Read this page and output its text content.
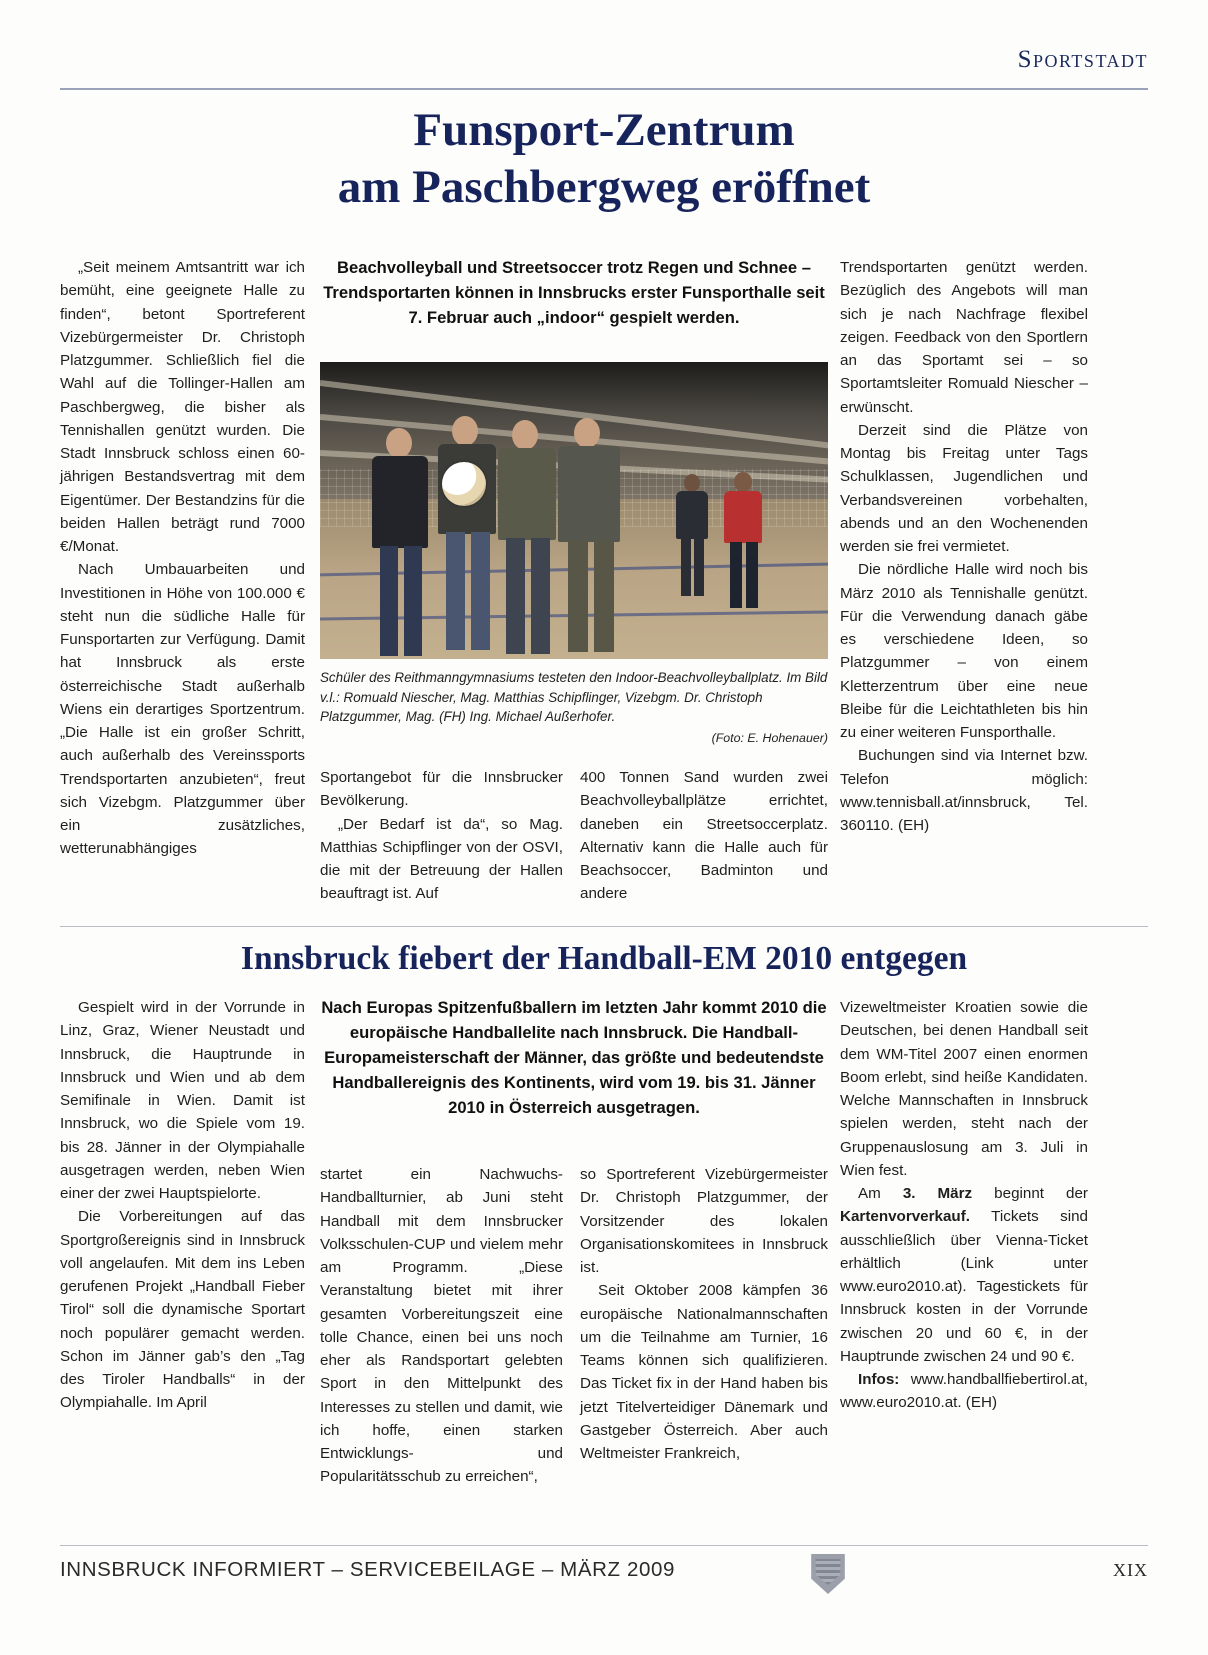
Sportstadt
Funsport-Zentrum
am Paschbergweg eröffnet

„Seit meinem Amtsantritt war ich bemüht, eine geeignete Halle zu finden“, betont Sportreferent Vizebürgermeister Dr. Christoph Platzgummer. Schließlich fiel die Wahl auf die Tollinger-Hallen am Paschbergweg, die bisher als Tennishallen genützt wurden. Die Stadt Innsbruck schloss einen 60-jährigen Bestandsvertrag mit dem Eigentümer. Der Bestandzins für die beiden Hallen beträgt rund 7000 €/Monat.

Nach Umbauarbeiten und Investitionen in Höhe von 100.000 € steht nun die südliche Halle für Funsportarten zur Verfügung. Damit hat Innsbruck als erste österreichische Stadt außerhalb Wiens ein derartiges Sportzentrum. „Die Halle ist ein großer Schritt, auch außerhalb des Vereinssports Trendsportarten anzubieten“, freut sich Vizebgm. Platzgummer über ein zusätzliches, wetterunabhängiges

Beachvolleyball und Streetsoccer trotz Regen und Schnee – Trendsportarten können in Innsbrucks erster Funsporthalle seit 7. Februar auch „indoor“ gespielt werden.

Schüler des Reithmanngymnasiums testeten den Indoor-Beachvolleyballplatz. Im Bild v.l.: Romuald Niescher, Mag. Matthias Schipflinger, Vizebgm. Dr. Christoph Platzgummer, Mag. (FH) Ing. Michael Außerhofer.
(Foto: E. Hohenauer)

Sportangebot für die Innsbrucker Bevölkerung.

„Der Bedarf ist da“, so Mag. Matthias Schipflinger von der OSVI, die mit der Betreuung der Hallen beauftragt ist. Auf

400 Tonnen Sand wurden zwei Beachvolleyballplätze errichtet, daneben ein Streetsoccerplatz. Alternativ kann die Halle auch für Beachsoccer, Badminton und andere

Trendsportarten genützt werden. Bezüglich des Angebots will man sich je nach Nachfrage flexibel zeigen. Feedback von den Sportlern an das Sportamt sei – so Sportamtsleiter Romuald Niescher – erwünscht.

Derzeit sind die Plätze von Montag bis Freitag unter Tags Schulklassen, Jugendlichen und Verbandsvereinen vorbehalten, abends und an den Wochenenden werden sie frei vermietet.

Die nördliche Halle wird noch bis März 2010 als Tennishalle genützt. Für die Verwendung danach gäbe es verschiedene Ideen, so Platzgummer – von einem Kletterzentrum über eine neue Bleibe für die Leichtathleten bis hin zu einer weiteren Funsporthalle.

Buchungen sind via Internet bzw. Telefon möglich: www.tennisball.at/innsbruck, Tel. 360110. (EH)

Innsbruck fiebert der Handball-EM 2010 entgegen

Gespielt wird in der Vorrunde in Linz, Graz, Wiener Neustadt und Innsbruck, die Hauptrunde in Innsbruck und Wien und ab dem Semifinale in Wien. Damit ist Innsbruck, wo die Spiele vom 19. bis 28. Jänner in der Olympiahalle ausgetragen werden, neben Wien einer der zwei Hauptspielorte.

Die Vorbereitungen auf das Sportgroßereignis sind in Innsbruck voll angelaufen. Mit dem ins Leben gerufenen Projekt „Handball Fieber Tirol“ soll die dynamische Sportart noch populärer gemacht werden. Schon im Jänner gab’s den „Tag des Tiroler Handballs“ in der Olympiahalle. Im April

Nach Europas Spitzenfußballern im letzten Jahr kommt 2010 die europäische Handballelite nach Innsbruck. Die Handball-Europameisterschaft der Männer, das größte und bedeutendste Handballereignis des Kontinents, wird vom 19. bis 31. Jänner 2010 in Österreich ausgetragen.

startet ein Nachwuchs-Handballturnier, ab Juni steht Handball mit dem Innsbrucker Volksschulen-CUP und vielem mehr am Programm. „Diese Veranstaltung bietet mit ihrer gesamten Vorbereitungszeit eine tolle Chance, einen bei uns noch eher als Randsportart gelebten Sport in den Mittelpunkt des Interesses zu stellen und damit, wie ich hoffe, einen starken Entwicklungs- und Popularitätsschub zu erreichen“,

so Sportreferent Vizebürgermeister Dr. Christoph Platzgummer, der Vorsitzender des lokalen Organisationskomitees in Innsbruck ist.

Seit Oktober 2008 kämpfen 36 europäische Nationalmannschaften um die Teilnahme am Turnier, 16 Teams können sich qualifizieren. Das Ticket fix in der Hand haben bis jetzt Titelverteidiger Dänemark und Gastgeber Österreich. Aber auch Weltmeister Frankreich,

Vizeweltmeister Kroatien sowie die Deutschen, bei denen Handball seit dem WM-Titel 2007 einen enormen Boom erlebt, sind heiße Kandidaten. Welche Mannschaften in Innsbruck spielen werden, steht nach der Gruppenauslosung am 3. Juli in Wien fest.

Am 3. März beginnt der Kartenvorverkauf. Tickets sind ausschließlich über Vienna-Ticket erhältlich (Link unter www.euro2010.at). Tagestickets für Innsbruck kosten in der Vorrunde zwischen 20 und 60 €, in der Hauptrunde zwischen 24 und 90 €.

Infos: www.handballfiebertirol.at, www.euro2010.at. (EH)

INNSBRUCK INFORMIERT – SERVICEBEILAGE – MÄRZ 2009	XIX
